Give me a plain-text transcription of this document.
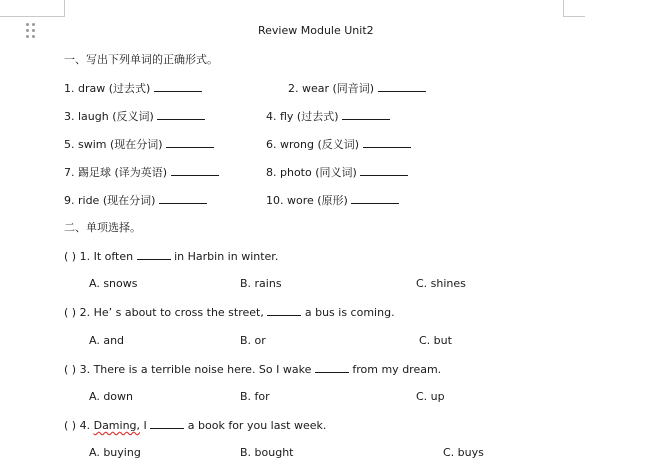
Review Module Unit2
一、写出下列单词的正确形式。
1. draw (过去式)	2. wear (同音词)
3. laugh (反义词)	4. fly (过去式)
5. swim (现在分词)	6. wrong (反义词)
7. 踢足球 (译为英语)	8. photo (同义词)
9. ride (现在分词)	10. wore (原形)
二、单项选择。
( ) 1. It often	in Harbin in winter.
A. snows	B. rains	C. shines
( ) 2. He’ s about to cross the street,	a bus is coming.
A. and	B. or	C. but
( ) 3. There is a terrible noise here. So I wake	from my dream.
A. down	B. for	C. up
( ) 4. Daming, I	a book for you last week.
A. buying	B. bought	C. buys
